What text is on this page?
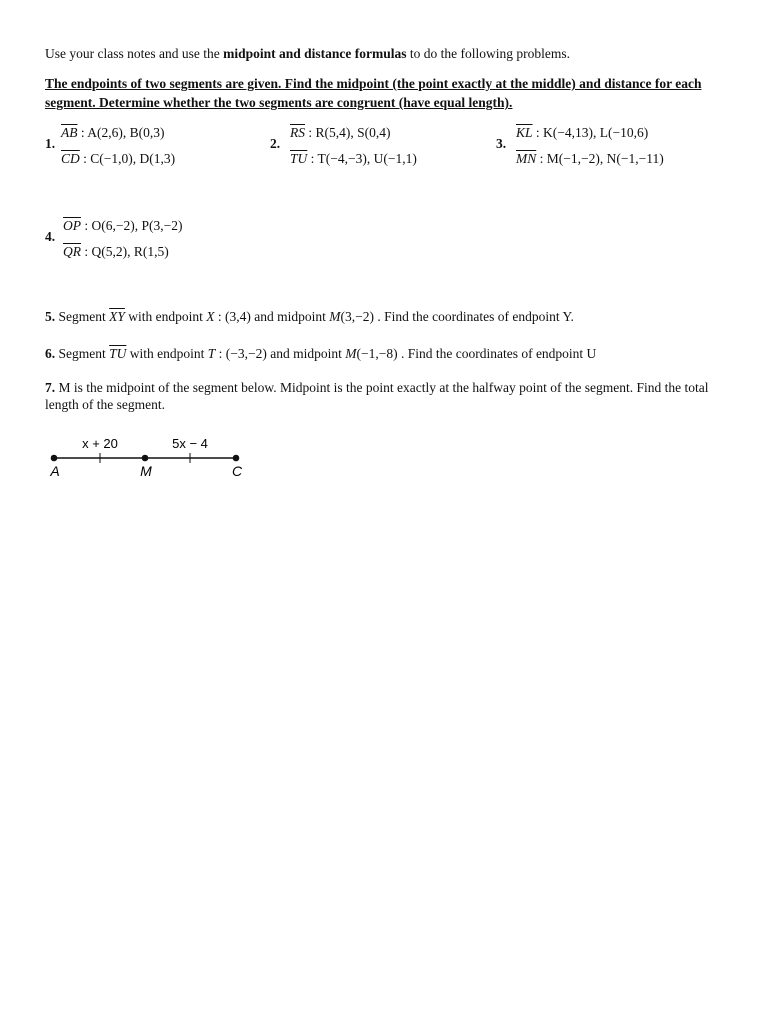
Use your class notes and use the midpoint and distance formulas to do the following problems.
The endpoints of two segments are given. Find the midpoint (the point exactly at the middle) and distance for each segment. Determine whether the two segments are congruent (have equal length).
1.
$\overline{AB}$ : A(2,6), B(0,3)
$\overline{CD}$ : C(−1,0), D(1,3)
2.
$\overline{RS}$ : R(5,4), S(0,4)
$\overline{TU}$ : T(−4,−3), U(−1,1)
3.
$\overline{KL}$ : K(−4,13), L(−10,6)
$\overline{MN}$ : M(−1,−2), N(−1,−11)
4.
$\overline{OP}$ : O(6,−2), P(3,−2)
$\overline{QR}$ : Q(5,2), R(1,5)
5. Segment $\overline{XY}$ with endpoint X : (3,4) and midpoint M(3,−2) . Find the coordinates of endpoint Y.
6. Segment $\overline{TU}$ with endpoint T : (−3,−2) and midpoint M(−1,−8) . Find the coordinates of endpoint U
7. M is the midpoint of the segment below. Midpoint is the point exactly at the halfway point of the segment. Find the total length of the segment.
x + 20	5x − 4
A	M	C
